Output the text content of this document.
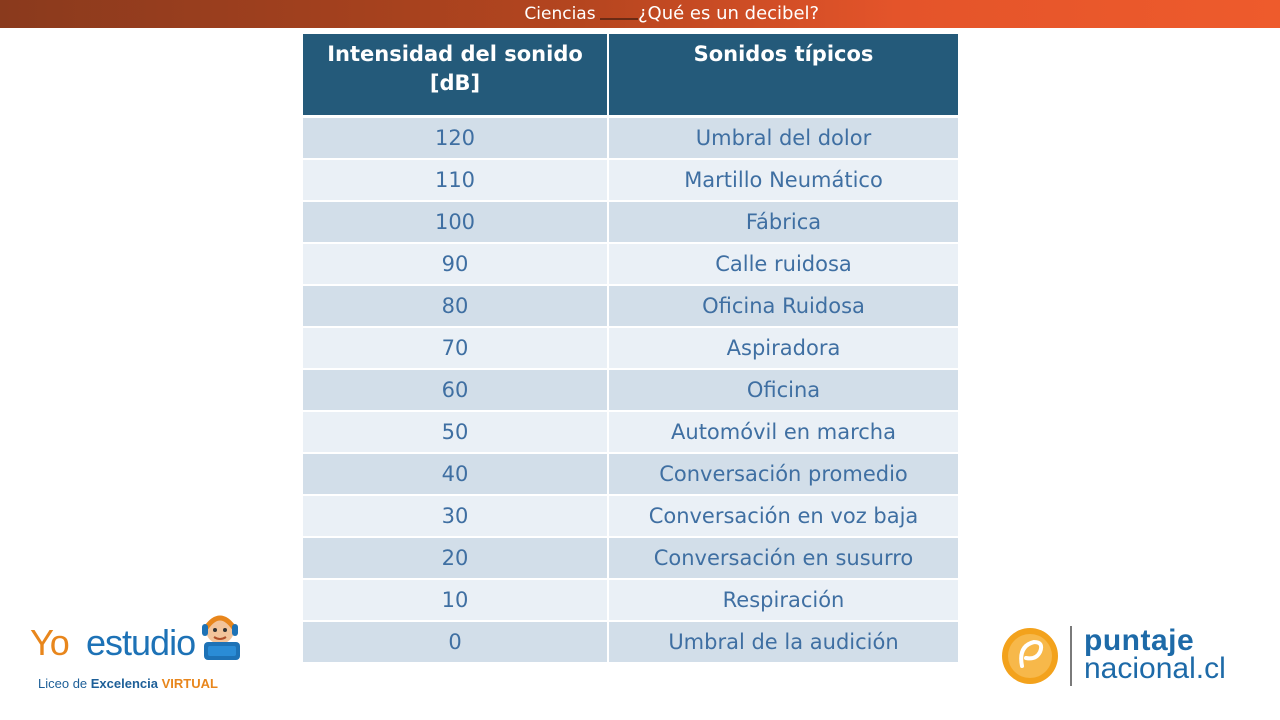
Ciencias	¿Qué es un decibel?
Intensidad del sonido [dB]	Sonidos típicos
120	Umbral del dolor
110	Martillo Neumático
100	Fábrica
90	Calle ruidosa
80	Oficina Ruidosa
70	Aspiradora
60	Oficina
50	Automóvil en marcha
40	Conversación promedio
30	Conversación en voz baja
20	Conversación en susurro
10	Respiración
0	Umbral de la audición
Yo estudio
Liceo de Excelencia VIRTUAL
puntaje
nacional.cl
